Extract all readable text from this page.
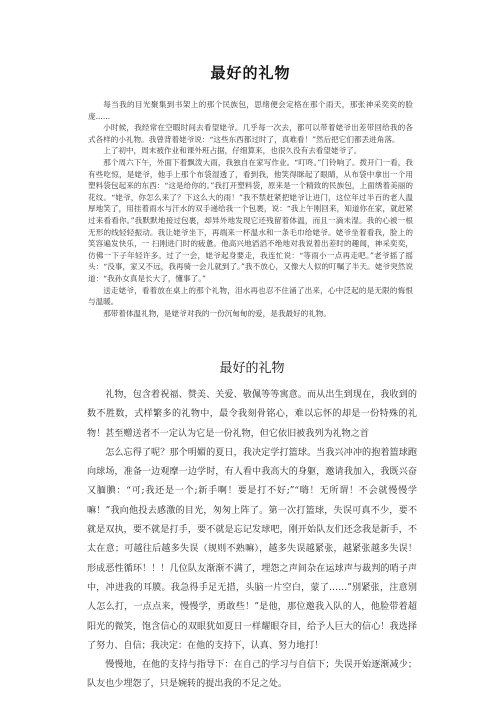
最好的礼物

每当我的目光聚集到书架上的那个民族包，思绪便会定格在那个雨天，那张神采奕奕的脸庞......

小时候，我经常在空暇时间去看望姥爷。几乎每一次去，都可以带着姥爷出差带回给我的各式各样的小礼物。我曾背着姥爷说：“这些东西都过时了，真难看！”然后把它们都丢进角落。

上了初中，周末被作业和课外班占据，仔细算来，也很久没有去看望姥爷了。

那个周六下午，外面下着飘泼大雨，我独自在家写作业。“叮咚。”门铃响了。拨开门一看，我有些吃惊，是姥爷，他手上那个布袋湿透了，看到我，他笑得眯起了眼睛，从布袋中拿出一个用塑料袋包起来的东西：“这是给你的。”我打开塑料袋，原来是一个精致的民族包，上面绣着美丽的花纹。“姥爷，你怎么来了？下这么大的雨！”我不禁赶紧把姥爷让进门，这位年过半百的老人温厚地笑了，用挂着雨水与汗水的双手递给我一个包裹，说：“我上午刚回来，知道你在家，就赶紧过来看看你。”我默默地接过包裹，却异外地发现它还残留着体温，而且一滴未湿。我的心被一根无形的线轻轻振动。我让姥爷坐下，再端来一杯温水和一条毛巾给姥爷。姥爷坐着看我，脸上的笑容遍发快乐，一 扫刚进门时的疲惫。他高兴地滔滔不绝地对我说着出差时的趣闻，神采奕奕，仿佛一下子年轻许多。过了一会，姥爷起身要走，我连忙说：“等雨小一点再走吧。”老爷摇了摇头：“没事，家又不远，我再骑一会儿就到了。”我不放心，又像大人似的叮嘱了半天。姥爷突然说道：“我孙女真是长大了，懂事了。”

送走姥爷，看着放在桌上的那个礼物，泪水再也忍不住涌了出来，心中泛起的是无限的悔恨与温暖。

那带着体温礼物，是姥爷对我的一份沉甸甸的爱，是我最好的礼物。

最好的礼物

礼物，包含着祝福、赞美、关爱、敬佩等等寓意。而从出生到现在，我收到的数不胜数，式样繁多的礼物中，最令我刻骨铭心，难以忘怀的却是一份特殊的礼物！甚至赠送者不一定认为它是一份礼物，但它依旧被我列为礼物之首

怎么忘得了呢？那个明媚的夏日，我决定学打篮球。当我兴冲冲的抱着篮球跑向球场，准备一边观摩一边学时，有人看中我高大的身躯，邀请我加入，我既兴奋又腼腆：“可;我还是一个;新手啊！要是打不好;”“嗨！无所谓！不会就慢慢学嘛！”我向他投去感激的目光，匆匆上阵了。第一次打篮球，失误可真不少，要不就是双执，要不就是打手，要不就是忘记发球吧，刚开始队友们还念我是新手，不太在意；可越往后越多失误（规则不熟嘛），越多失误越紧张，越紧张越多失误！形成恶性循环！！！几位队友渐渐不满了，埋怨之声间杂在运球声与裁判的哨子声中，冲进我的耳膜。我急得手足无措，头脑一片空白，蒙了……”别紧张，注意别人怎么打，一点点来，慢慢学，勇敢些！”是他，那位邀我入队的人，他脸带着超阳光的微笑，饱含信心的双眼犹如夏日一样耀眼夺目，给予人巨大的信心！我选择了努力、自信；我决定：在他的支持下，认真、努力地打！

慢慢地，在他的支持与指导下：在自己的学习与自信下；失误开始逐渐减少；队友也少埋怨了，只是婉转的提出我的不足之处。
